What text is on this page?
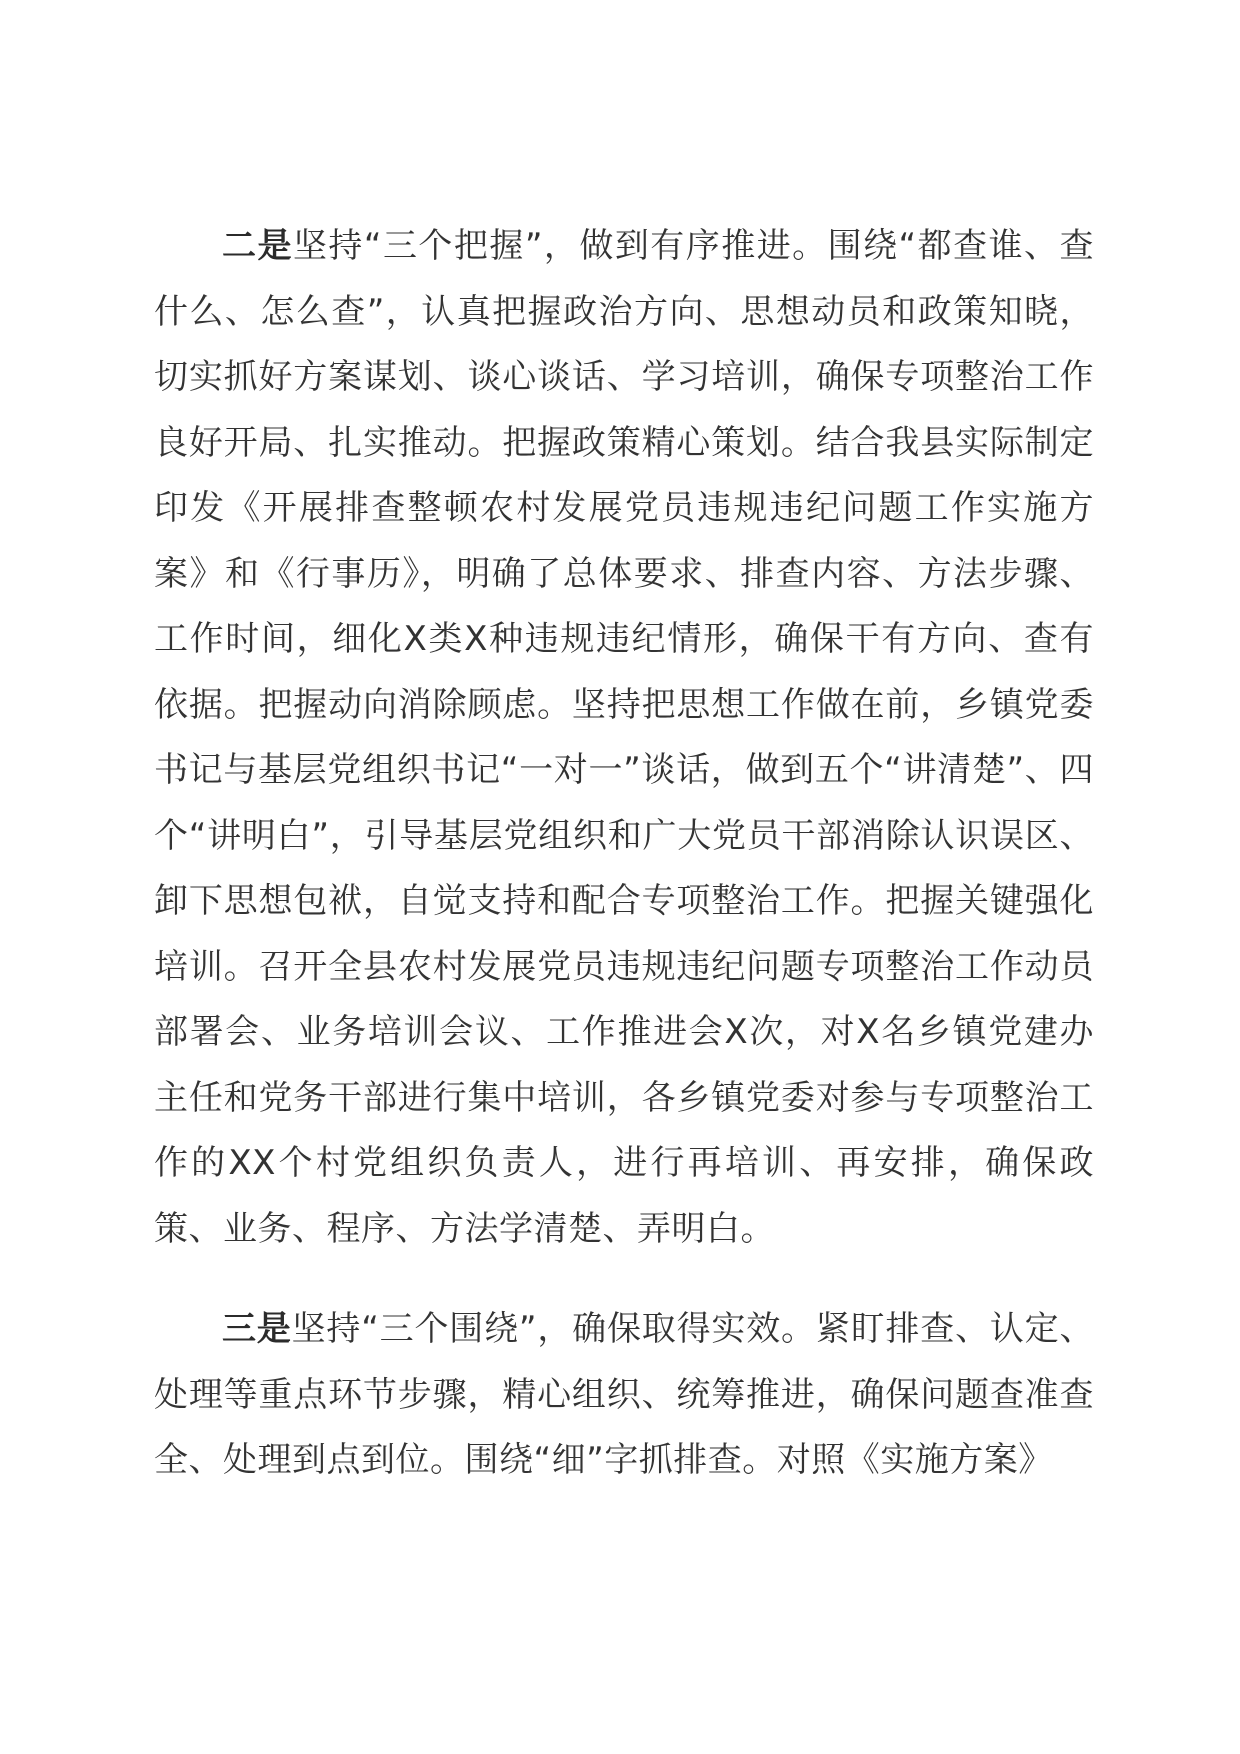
二是坚持“三个把握”，做到有序推进。围绕“都查谁、查什么、怎么查”，认真把握政治方向、思想动员和政策知晓，切实抓好方案谋划、谈心谈话、学习培训，确保专项整治工作良好开局、扎实推动。把握政策精心策划。结合我县实际制定印发《开展排查整顿农村发展党员违规违纪问题工作实施方案》和《行事历》，明确了总体要求、排查内容、方法步骤、工作时间，细化X类X种违规违纪情形，确保干有方向、查有依据。把握动向消除顾虑。坚持把思想工作做在前，乡镇党委书记与基层党组织书记“一对一”谈话，做到五个“讲清楚”、四个“讲明白”，引导基层党组织和广大党员干部消除认识误区、卸下思想包袱，自觉支持和配合专项整治工作。把握关键强化培训。召开全县农村发展党员违规违纪问题专项整治工作动员部署会、业务培训会议、工作推进会X次，对X名乡镇党建办主任和党务干部进行集中培训，各乡镇党委对参与专项整治工作的XX个村党组织负责人，进行再培训、再安排，确保政策、业务、程序、方法学清楚、弄明白。

三是坚持“三个围绕”，确保取得实效。紧盯排查、认定、处理等重点环节步骤，精心组织、统筹推进，确保问题查准查全、处理到点到位。围绕“细”字抓排查。对照《实施方案》
